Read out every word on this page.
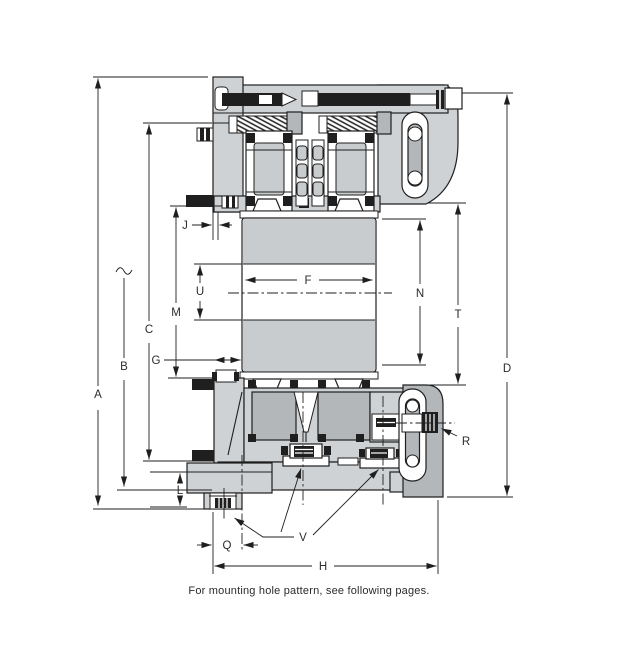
A
B
C
D
M
U	N
T
F
G
J
L
Q
H
V
R
For mounting hole pattern, see following pages.
